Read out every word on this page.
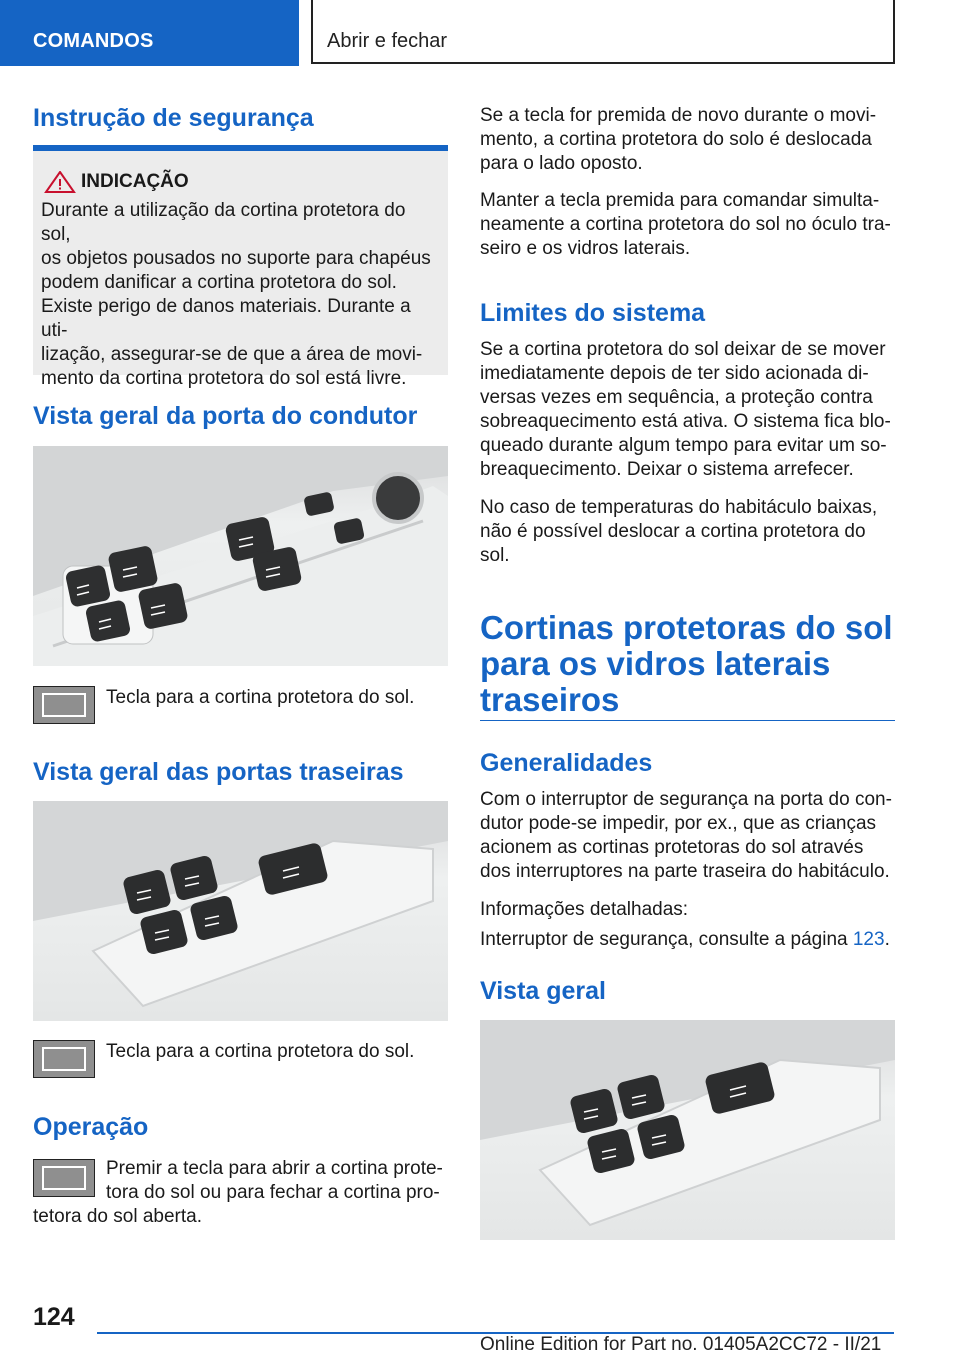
COMANDOS	Abrir e fechar
Instrução de segurança
INDICAÇÃO

Durante a utilização da cortina protetora do sol,

os objetos pousados no suporte para chapéus

podem danificar a cortina protetora do sol.

Existe perigo de danos materiais. Durante a uti-

lização, assegurar-se de que a área de movi-

mento da cortina protetora do sol está livre.

Vista geral da porta do condutor
Tecla para a cortina protetora do sol.
Vista geral das portas traseiras
Tecla para a cortina protetora do sol.
Operação
Premir a tecla para abrir a cortina prote-
tora do sol ou para fechar a cortina pro-
tetora do sol aberta.

Se a tecla for premida de novo durante o movi-

mento, a cortina protetora do solo é deslocada

para o lado oposto.

Manter a tecla premida para comandar simulta-

neamente a cortina protetora do sol no óculo tra-

seiro e os vidros laterais.

Limites do sistema

Se a cortina protetora do sol deixar de se mover

imediatamente depois de ter sido acionada di-

versas vezes em sequência, a proteção contra

sobreaquecimento está ativa. O sistema fica blo-

queado durante algum tempo para evitar um so-

breaquecimento. Deixar o sistema arrefecer.

No caso de temperaturas do habitáculo baixas,

não é possível deslocar a cortina protetora do

sol.

Cortinas protetoras do sol
para os vidros laterais
traseiros
Generalidades

Com o interruptor de segurança na porta do con-

dutor pode-se impedir, por ex., que as crianças

acionem as cortinas protetoras do sol através

dos interruptores na parte traseira do habitáculo.

Informações detalhadas:

Interruptor de segurança, consulte a página 123.

Vista geral
124
Online Edition for Part no. 01405A2CC72 - II/21
